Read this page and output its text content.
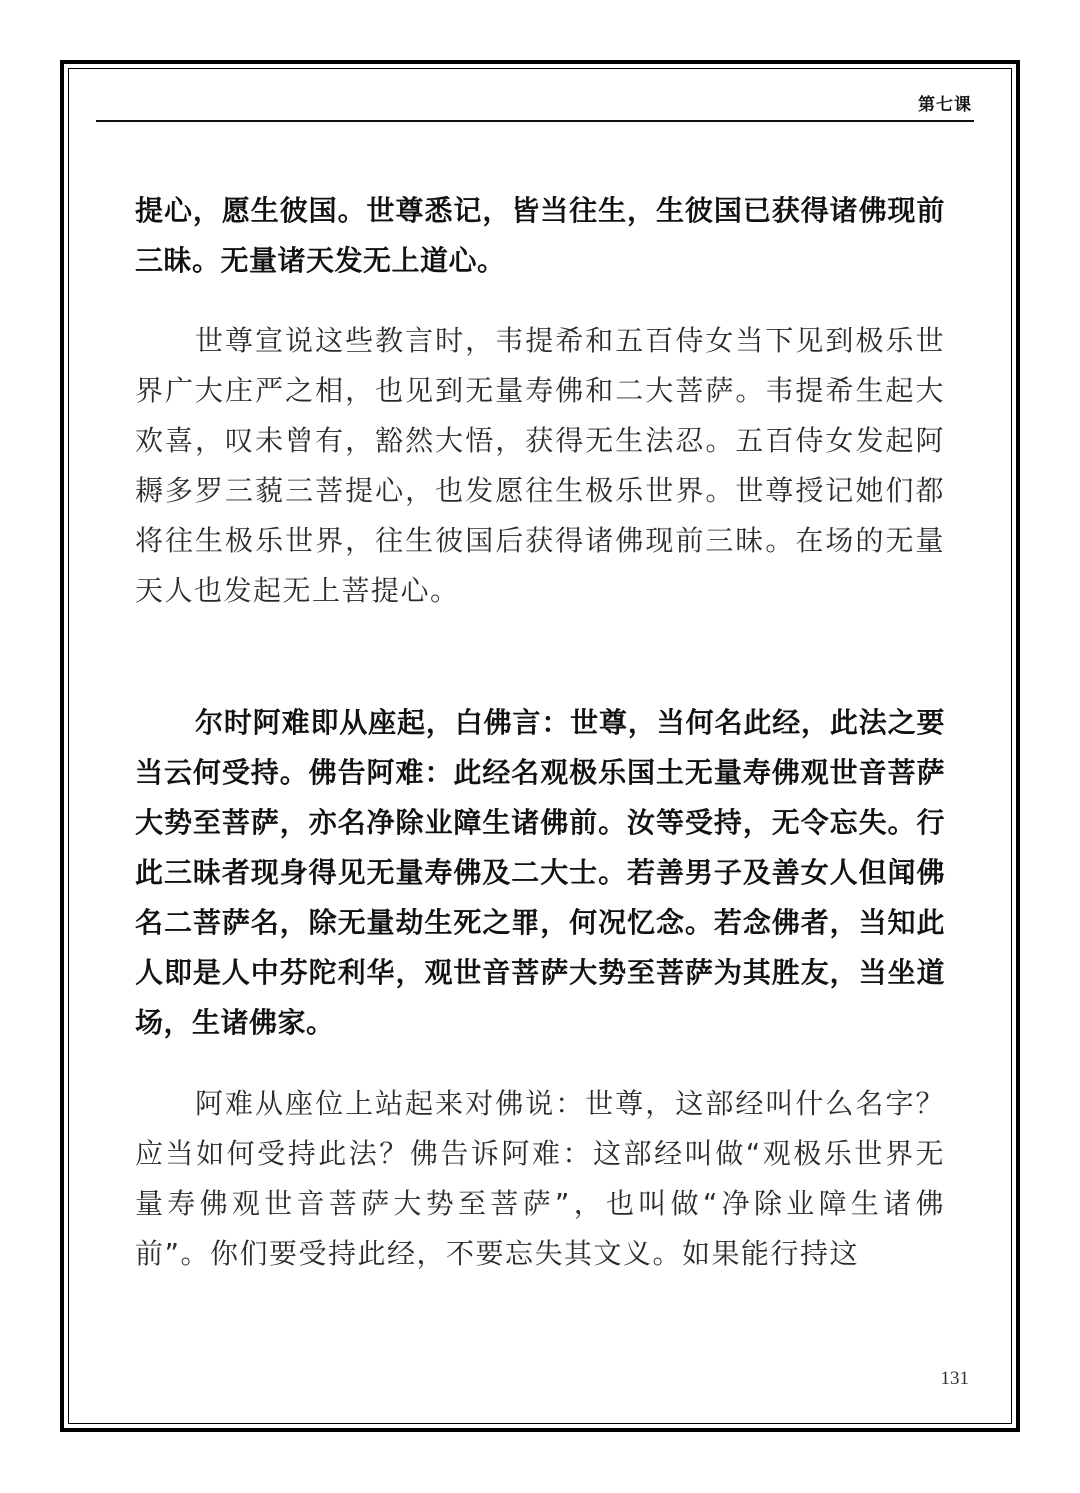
第七课

提心，愿生彼国。世尊悉记，皆当往生，生彼国已获得诸佛现前三昧。无量诸天发无上道心。

世尊宣说这些教言时，韦提希和五百侍女当下见到极乐世界广大庄严之相，也见到无量寿佛和二大菩萨。韦提希生起大欢喜，叹未曾有，豁然大悟，获得无生法忍。五百侍女发起阿耨多罗三藐三菩提心，也发愿往生极乐世界。世尊授记她们都将往生极乐世界，往生彼国后获得诸佛现前三昧。在场的无量天人也发起无上菩提心。

尔时阿难即从座起，白佛言：世尊，当何名此经，此法之要当云何受持。佛告阿难：此经名观极乐国土无量寿佛观世音菩萨大势至菩萨，亦名净除业障生诸佛前。汝等受持，无令忘失。行此三昧者现身得见无量寿佛及二大士。若善男子及善女人但闻佛名二菩萨名，除无量劫生死之罪，何况忆念。若念佛者，当知此人即是人中芬陀利华，观世音菩萨大势至菩萨为其胜友，当坐道场，生诸佛家。

阿难从座位上站起来对佛说：世尊，这部经叫什么名字？应当如何受持此法？佛告诉阿难：这部经叫做“观极乐世界无量寿佛观世音菩萨大势至菩萨”，也叫做“净除业障生诸佛前”。你们要受持此经，不要忘失其文义。如果能行持这

131
